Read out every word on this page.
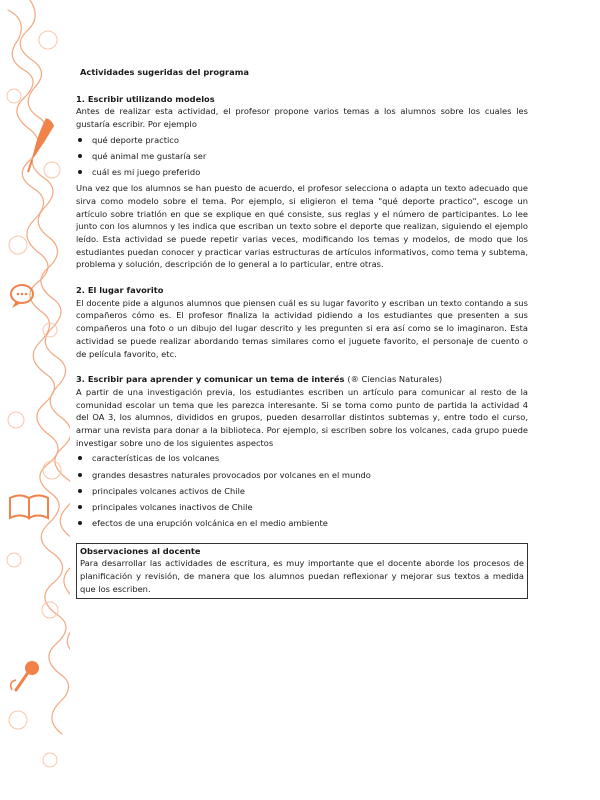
Actividades sugeridas del programa

1. Escribir utilizando modelos

Antes de realizar esta actividad, el profesor propone varios temas a los alumnos sobre los cuales les gustaría escribir. Por ejemplo

qué deporte practico
qué animal me gustaría ser
cuál es mi juego preferido

Una vez que los alumnos se han puesto de acuerdo, el profesor selecciona o adapta un texto adecuado que sirva como modelo sobre el tema. Por ejemplo, si eligieron el tema "qué deporte practico", escoge un artículo sobre triatlón en que se explique en qué consiste, sus reglas y el número de participantes. Lo lee junto con los alumnos y les indica que escriban un texto sobre el deporte que realizan, siguiendo el ejemplo leído. Esta actividad se puede repetir varias veces, modificando los temas y modelos, de modo que los estudiantes puedan conocer y practicar varias estructuras de artículos informativos, como tema y subtema, problema y solución, descripción de lo general a lo particular, entre otras.

2. El lugar favorito

El docente pide a algunos alumnos que piensen cuál es su lugar favorito y escriban un texto contando a sus compañeros cómo es. El profesor finaliza la actividad pidiendo a los estudiantes que presenten a sus compañeros una foto o un dibujo del lugar descrito y les pregunten si era así como se lo imaginaron. Esta actividad se puede realizar abordando temas similares como el juguete favorito, el personaje de cuento o de película favorito, etc.

3. Escribir para aprender y comunicar un tema de interés (® Ciencias Naturales)

A partir de una investigación previa, los estudiantes escriben un artículo para comunicar al resto de la comunidad escolar un tema que les parezca interesante. Si se toma como punto de partida la actividad 4 del OA 3, los alumnos, divididos en grupos, pueden desarrollar distintos subtemas y, entre todo el curso, armar una revista para donar a la biblioteca. Por ejemplo, si escriben sobre los volcanes, cada grupo puede investigar sobre uno de los siguientes aspectos

características de los volcanes
grandes desastres naturales provocados por volcanes en el mundo
principales volcanes activos de Chile
principales volcanes inactivos de Chile
efectos de una erupción volcánica en el medio ambiente

Observaciones al docente

Para desarrollar las actividades de escritura, es muy importante que el docente aborde los procesos de planificación y revisión, de manera que los alumnos puedan reflexionar y mejorar sus textos a medida que los escriben.
